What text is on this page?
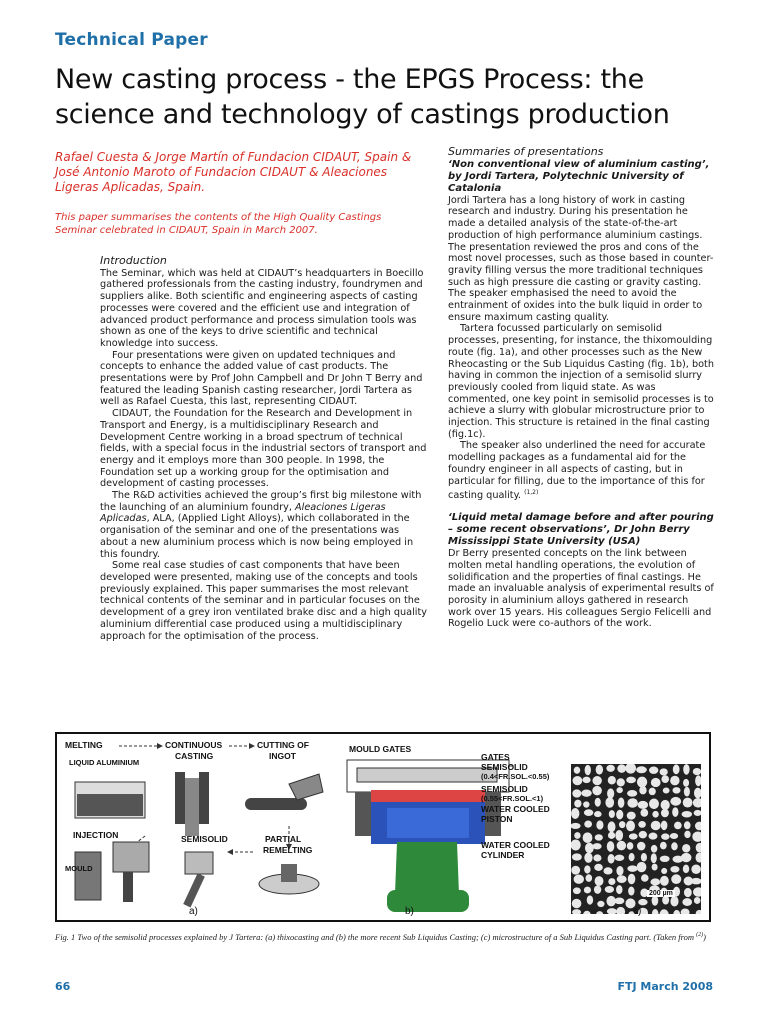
Technical Paper
New casting process - the EPGS Process: the science and technology of castings production
Rafael Cuesta & Jorge Martín of Fundacion CIDAUT, Spain & José Antonio Maroto of Fundacion CIDAUT & Aleaciones Ligeras Aplicadas, Spain.
This paper summarises the contents of the High Quality Castings Seminar celebrated in CIDAUT, Spain in March 2007.
Introduction

The Seminar, which was held at CIDAUT’s headquarters in Boecillo gathered professionals from the casting industry, foundrymen and suppliers alike. Both scientific and engineering aspects of casting processes were covered and the efficient use and integration of advanced product performance and process simulation tools was shown as one of the keys to drive scientific and technical knowledge into success.

Four presentations were given on updated techniques and concepts to enhance the added value of cast products. The presentations were by Prof John Campbell and Dr John T Berry and featured the leading Spanish casting researcher, Jordi Tartera as well as Rafael Cuesta, this last, representing CIDAUT.

CIDAUT, the Foundation for the Research and Development in Transport and Energy, is a multidisciplinary Research and Development Centre working in a broad spectrum of technical fields, with a special focus in the industrial sectors of transport and energy and it employs more than 300 people. In 1998, the Foundation set up a working group for the optimisation and development of casting processes.

The R&D activities achieved the group’s first big milestone with the launching of an aluminium foundry, Aleaciones Ligeras Aplicadas, ALA, (Applied Light Alloys), which collaborated in the organisation of the seminar and one of the presentations was about a new aluminium process which is now being employed in this foundry.

Some real case studies of cast components that have been developed were presented, making use of the concepts and tools previously explained. This paper summarises the most relevant technical contents of the seminar and in particular focuses on the development of a grey iron ventilated brake disc and a high quality aluminium differential case produced using a multidisciplinary approach for the optimisation of the process.

Summaries of presentations
‘Non conventional view of aluminium casting’, by Jordi Tartera, Polytechnic University of Catalonia

Jordi Tartera has a long history of work in casting research and industry. During his presentation he made a detailed analysis of the state-of-the-art production of high performance aluminium castings. The presentation reviewed the pros and cons of the most novel processes, such as those based in counter-gravity filling versus the more traditional techniques such as high pressure die casting or gravity casting. The speaker emphasised the need to avoid the entrainment of oxides into the bulk liquid in order to ensure maximum casting quality.

Tartera focussed particularly on semisolid processes, presenting, for instance, the thixomoulding route (fig. 1a), and other processes such as the New Rheocasting or the Sub Liquidus Casting (fig. 1b), both having in common the injection of a semisolid slurry previously cooled from liquid state. As was commented, one key point in semisolid processes is to achieve a slurry with globular microstructure prior to injection. This structure is retained in the final casting (fig.1c).

The speaker also underlined the need for accurate modelling packages as a fundamental aid for the foundry engineer in all aspects of casting, but in particular for filling, due to the importance of this for casting quality. $^{(1,2)}$

‘Liquid metal damage before and after pouring – some recent observations’, Dr John Berry Mississippi State University (USA)

Dr Berry presented concepts on the link between molten metal handling operations, the evolution of solidification and the properties of final castings. He made an invaluable analysis of experimental results of porosity in aluminium alloys gathered in research work over 15 years. His colleagues Sergio Felicelli and Rogelio Luck were co-authors of the work.

MELTING	CONTINUOUS
CASTING
CUTTING OF
INGOT
LIQUID ALUMINIUM
INJECTION	SEMISOLID	PARTIAL
REMELTING
MOULD
a)
MOULD GATES
GATES
SEMISOLID
(0.4<FR.SOL.<0.55)
SEMISOLID
(0.55<FR.SOL.<1)
WATER COOLED
PISTON
WATER COOLED
CYLINDER
b)
200 µm
c)
Fig. 1 Two of the semisolid processes explained by J Tartera: (a) thixocasting and (b) the more recent Sub Liquidus Casting; (c) microstructure of a Sub Liquidus Casting part. (Taken from $^{(2)}$)
66	FTJ March 2008
